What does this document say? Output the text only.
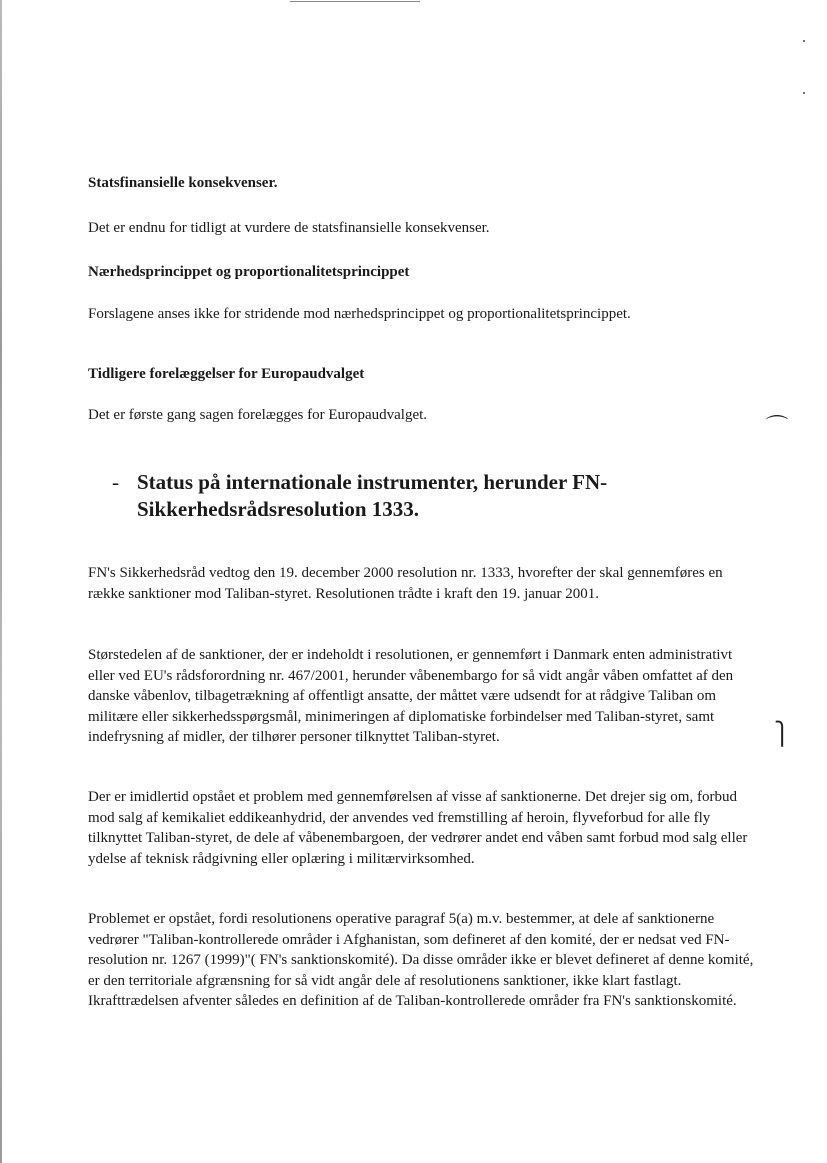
⌒
⎫
Statsfinansielle konsekvenser.

Det er endnu for tidligt at vurdere de statsfinansielle konsekvenser.

Nærhedsprincippet og proportionalitetsprincippet

Forslagene anses ikke for stridende mod nærhedsprincippet og proportionalitetsprincippet.

Tidligere forelæggelser for Europaudvalget

Det er første gang sagen forelægges for Europaudvalget.

- Status på internationale instrumenter, herunder FN-Sikkerhedsrådsresolution 1333.

FN's Sikkerhedsråd vedtog den 19. december 2000 resolution nr. 1333, hvorefter der skal gennemføres en række sanktioner mod Taliban-styret. Resolutionen trådte i kraft den 19. januar 2001.

Størstedelen af de sanktioner, der er indeholdt i resolutionen, er gennemført i Danmark enten administrativt eller ved EU's rådsforordning nr. 467/2001, herunder våbenembargo for så vidt angår våben omfattet af den danske våbenlov, tilbagetrækning af offentligt ansatte, der måttet være udsendt for at rådgive Taliban om militære eller sikkerhedsspørgsmål, minimeringen af diplomatiske forbindelser med Taliban-styret, samt indefrysning af midler, der tilhører personer tilknyttet Taliban-styret.

Der er imidlertid opstået et problem med gennemførelsen af visse af sanktionerne. Det drejer sig om, forbud mod salg af kemikaliet eddikeanhydrid, der anvendes ved fremstilling af heroin, flyveforbud for alle fly tilknyttet Taliban-styret, de dele af våbenembargoen, der vedrører andet end våben samt forbud mod salg eller ydelse af teknisk rådgivning eller oplæring i militærvirksomhed.

Problemet er opstået, fordi resolutionens operative paragraf 5(a) m.v. bestemmer, at dele af sanktionerne vedrører "Taliban-kontrollerede områder i Afghanistan, som defineret af den komité, der er nedsat ved FN-resolution nr. 1267 (1999)"( FN's sanktionskomité). Da disse områder ikke er blevet defineret af denne komité, er den territoriale afgrænsning for så vidt angår dele af resolutionens sanktioner, ikke klart fastlagt. Ikrafttrædelsen afventer således en definition af de Taliban-kontrollerede områder fra FN's sanktionskomité.
